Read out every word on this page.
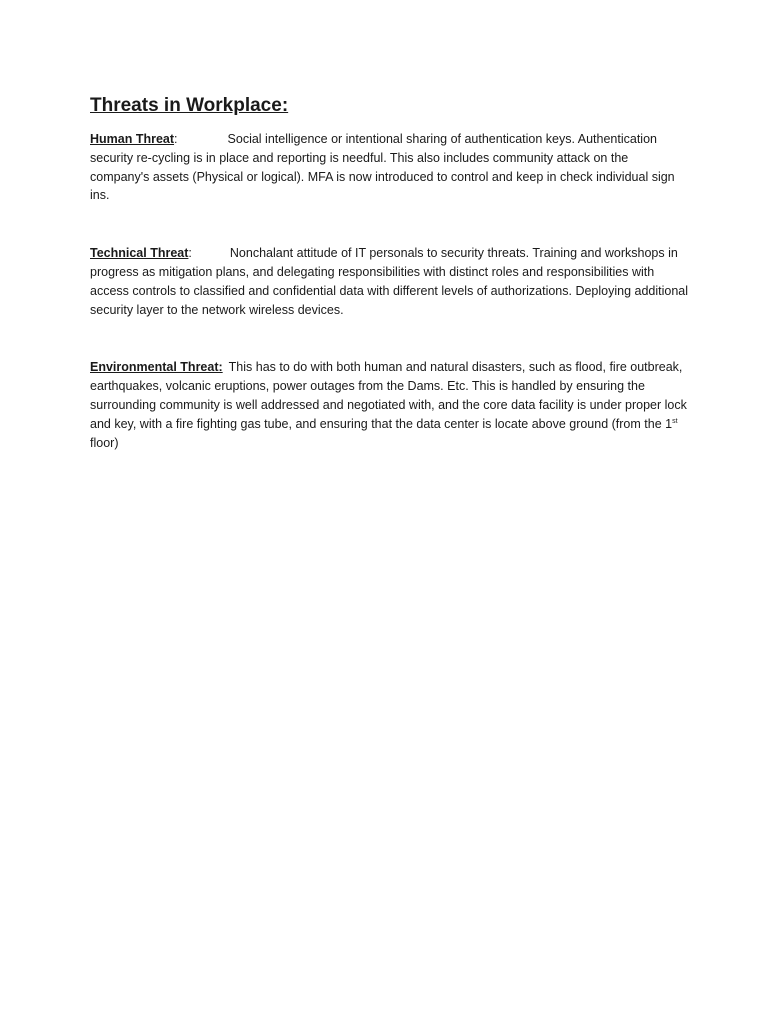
Threats in Workplace:

Human Threat:	Social intelligence or intentional sharing of authentication keys. Authentication security re-cycling is in place and reporting is needful. This also includes community attack on the company's assets (Physical or logical). MFA is now introduced to control and keep in check individual sign ins.

Technical Threat:	Nonchalant attitude of IT personals to security threats. Training and workshops in progress as mitigation plans, and delegating responsibilities with distinct roles and responsibilities with access controls to classified and confidential data with different levels of authorizations. Deploying additional security layer to the network wireless devices.

Environmental Threat: This has to do with both human and natural disasters, such as flood, fire outbreak, earthquakes, volcanic eruptions, power outages from the Dams. Etc. This is handled by ensuring the surrounding community is well addressed and negotiated with, and the core data facility is under proper lock and key, with a fire fighting gas tube, and ensuring that the data center is locate above ground (from the 1st floor)
